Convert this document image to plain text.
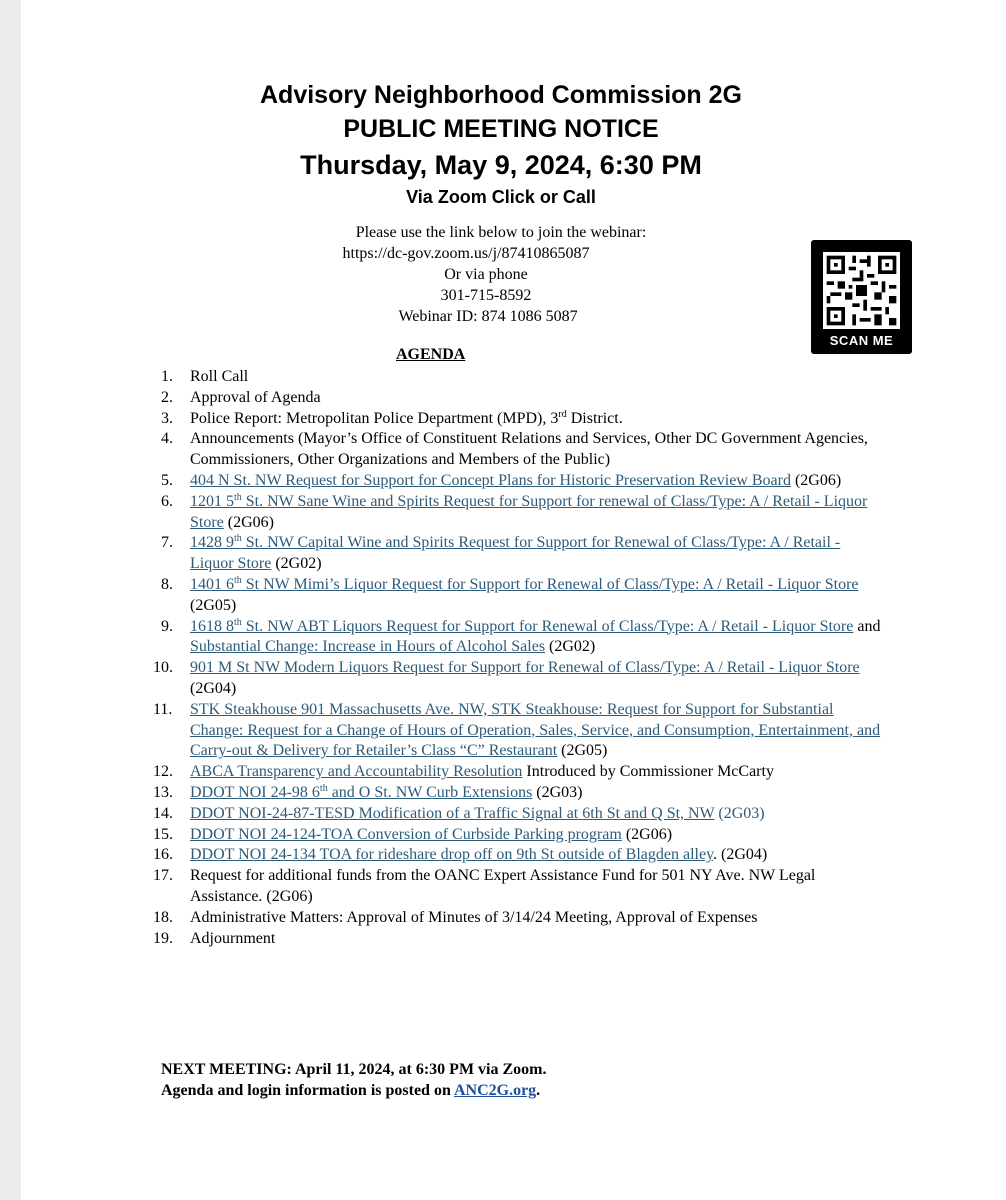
Advisory Neighborhood Commission 2G
PUBLIC MEETING NOTICE
Thursday, May 9, 2024, 6:30 PM
Via Zoom Click or Call
Please use the link below to join the webinar:
https://dc-gov.zoom.us/j/87410865087
Or via phone
301-715-8592
Webinar ID: 874 1086 5087
SCAN ME
AGENDA
1.	Roll Call
2.	Approval of Agenda
3.	Police Report: Metropolitan Police Department (MPD), 3rd District.
4.	Announcements (Mayor’s Office of Constituent Relations and Services, Other DC Government Agencies, Commissioners, Other Organizations and Members of the Public)
5.	404 N St. NW Request for Support for Concept Plans for Historic Preservation Review Board (2G06)
6.	1201 5th St. NW Sane Wine and Spirits Request for Support for renewal of Class/Type: A / Retail - Liquor Store (2G06)
7.	1428 9th St. NW Capital Wine and Spirits Request for Support for Renewal of Class/Type: A / Retail - Liquor Store (2G02)
8.	1401 6th St NW Mimi’s Liquor Request for Support for Renewal of Class/Type: A / Retail - Liquor Store (2G05)
9.	1618 8th St. NW ABT Liquors Request for Support for Renewal of Class/Type: A / Retail - Liquor Store and Substantial Change: Increase in Hours of Alcohol Sales (2G02)
10. 901 M St NW Modern Liquors Request for Support for Renewal of Class/Type: A / Retail - Liquor Store (2G04)
11. STK Steakhouse 901 Massachusetts Ave. NW, STK Steakhouse: Request for Support for Substantial Change: Request for a Change of Hours of Operation, Sales, Service, and Consumption, Entertainment, and Carry-out & Delivery for Retailer’s Class “C” Restaurant (2G05)
12. ABCA Transparency and Accountability Resolution Introduced by Commissioner McCarty
13. DDOT NOI 24-98 6th and O St. NW Curb Extensions (2G03)
14. DDOT NOI-24-87-TESD Modification of a Traffic Signal at 6th St and Q St, NW (2G03)
15. DDOT NOI 24-124-TOA Conversion of Curbside Parking program (2G06)
16. DDOT NOI 24-134 TOA for rideshare drop off on 9th St outside of Blagden alley. (2G04)
17. Request for additional funds from the OANC Expert Assistance Fund for 501 NY Ave. NW Legal Assistance. (2G06)
18. Administrative Matters: Approval of Minutes of 3/14/24 Meeting, Approval of Expenses
19. Adjournment
NEXT MEETING: April 11, 2024, at 6:30 PM via Zoom.
Agenda and login information is posted on ANC2G.org.
